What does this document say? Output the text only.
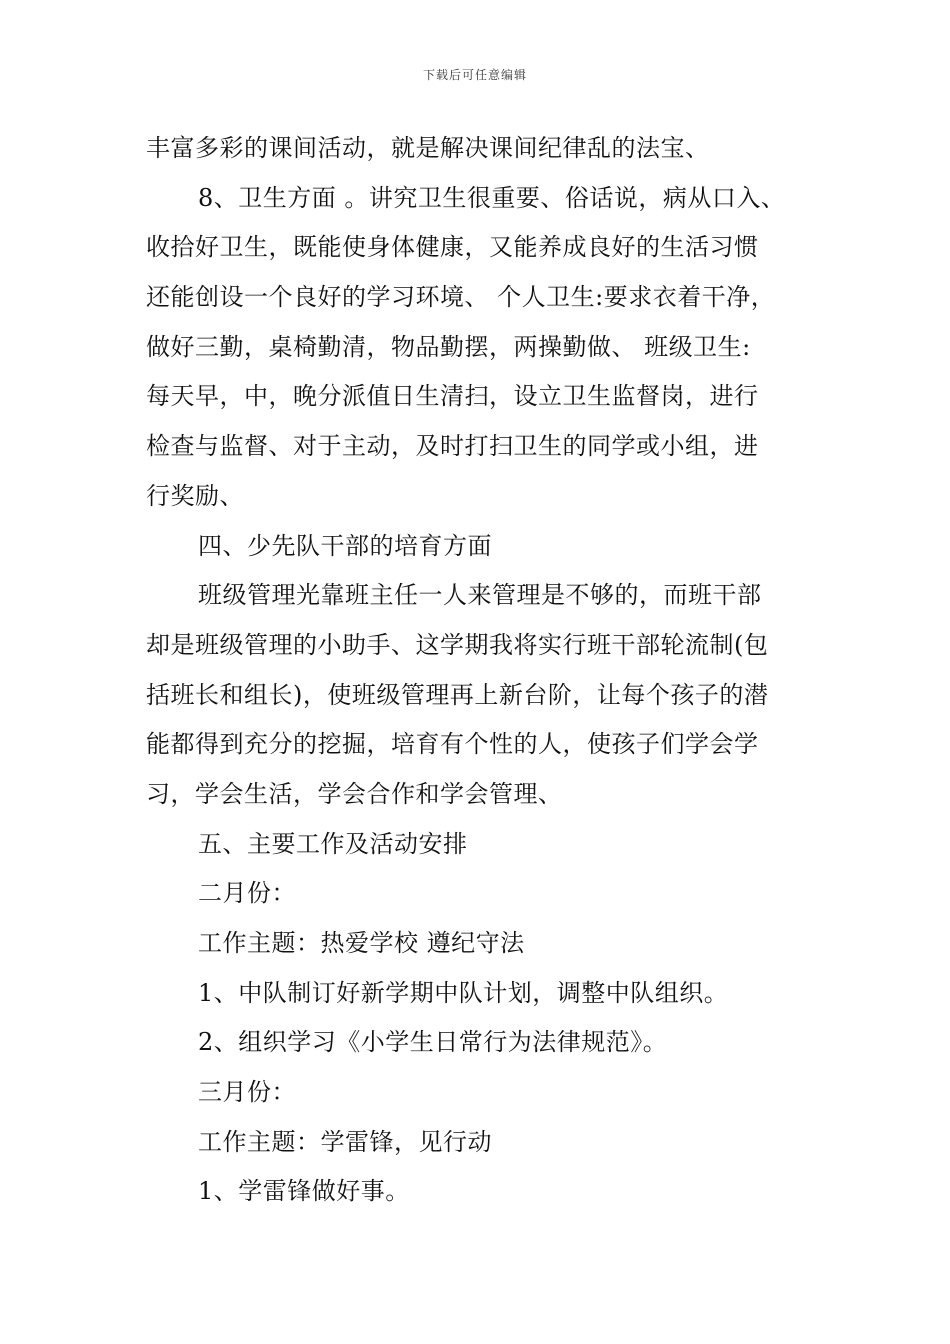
下载后可任意编辑
丰富多彩的课间活动，就是解决课间纪律乱的法宝、
8、卫生方面 。讲究卫生很重要、俗话说，病从口入、
收拾好卫生，既能使身体健康，又能养成良好的生活习惯
还能创设一个良好的学习环境、 个人卫生:要求衣着干净，
做好三勤，桌椅勤清，物品勤摆，两操勤做、 班级卫生:
每天早，中，晚分派值日生清扫，设立卫生监督岗，进行
检查与监督、对于主动，及时打扫卫生的同学或小组，进
行奖励、
四、少先队干部的培育方面
班级管理光靠班主任一人来管理是不够的，而班干部
却是班级管理的小助手、这学期我将实行班干部轮流制(包
括班长和组长)，使班级管理再上新台阶，让每个孩子的潜
能都得到充分的挖掘，培育有个性的人，使孩子们学会学
习，学会生活，学会合作和学会管理、
五、主要工作及活动安排
二月份：
工作主题：热爱学校 遵纪守法
1、中队制订好新学期中队计划，调整中队组织。
2、组织学习《小学生日常行为法律规范》。
三月份：
工作主题：学雷锋，见行动
1、学雷锋做好事。
